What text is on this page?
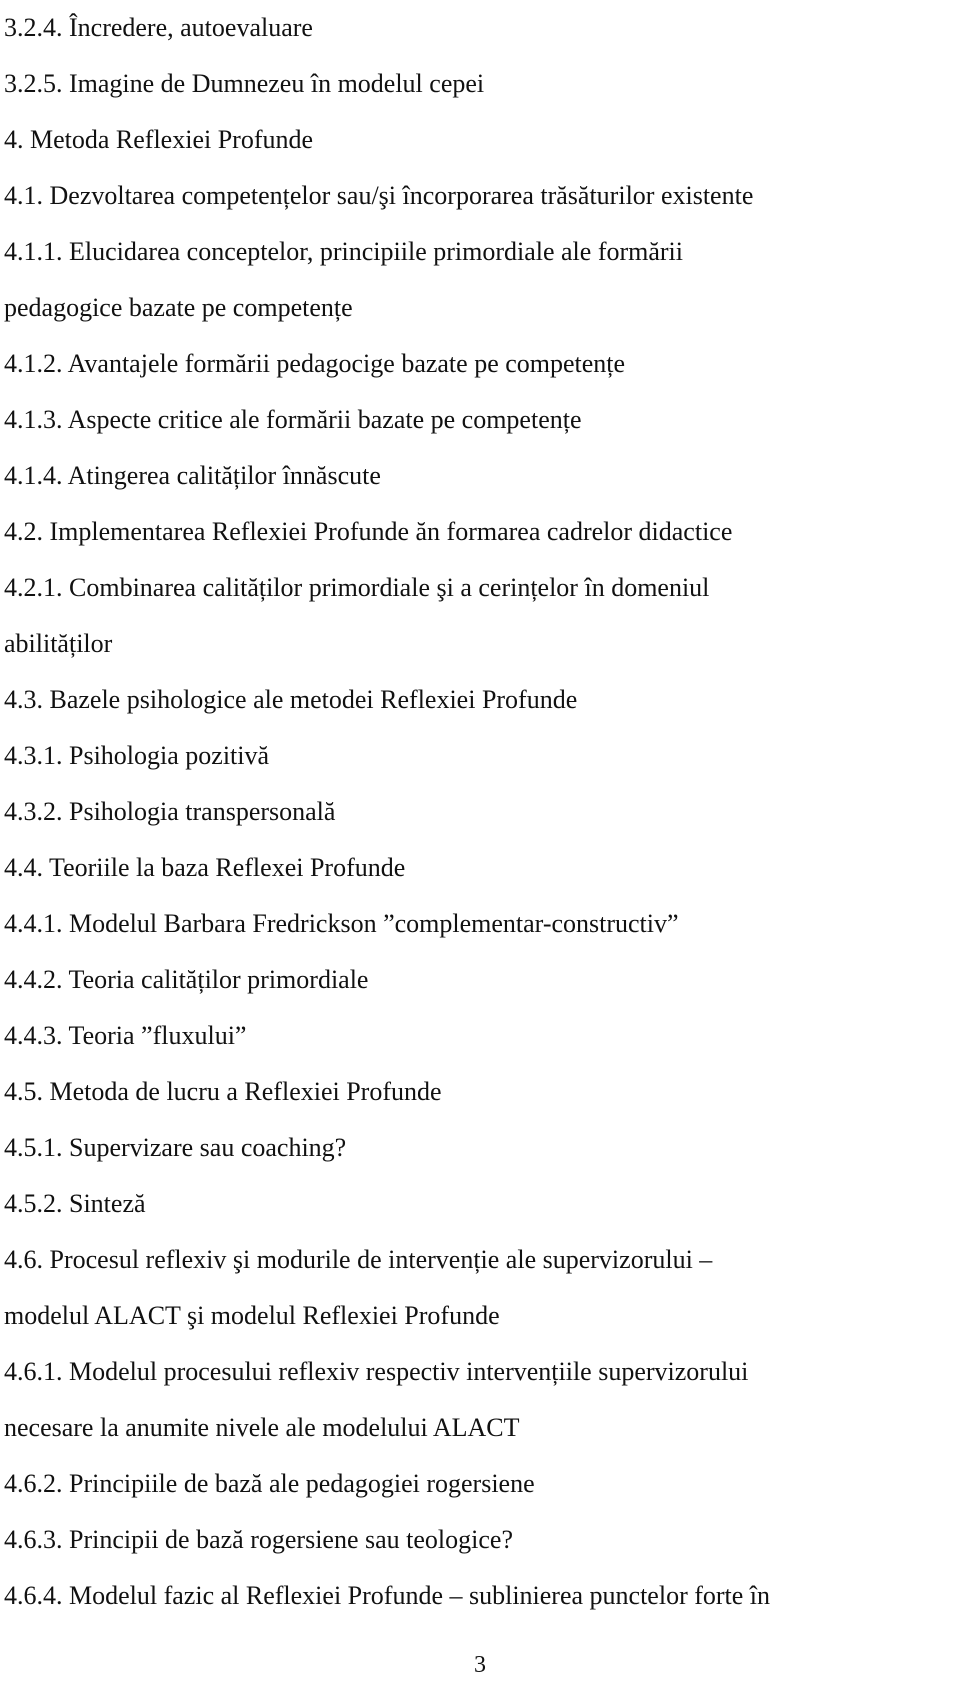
3.2.4. Încredere, autoevaluare
3.2.5. Imagine de Dumnezeu în modelul cepei
4. Metoda Reflexiei Profunde
4.1. Dezvoltarea competențelor sau/şi încorporarea trăsăturilor existente
4.1.1. Elucidarea conceptelor, principiile primordiale ale formării
pedagogice bazate pe competențe
4.1.2. Avantajele formării pedagocige bazate pe competențe
4.1.3. Aspecte critice ale formării bazate pe competențe
4.1.4. Atingerea calităților înnăscute
4.2. Implementarea Reflexiei Profunde ăn formarea cadrelor didactice
4.2.1. Combinarea calităților primordiale şi a cerințelor în domeniul
abilităților
4.3. Bazele psihologice ale metodei Reflexiei Profunde
4.3.1. Psihologia pozitivă
4.3.2. Psihologia transpersonală
4.4. Teoriile la baza Reflexei Profunde
4.4.1. Modelul Barbara Fredrickson ”complementar-constructiv”
4.4.2. Teoria calităților primordiale
4.4.3. Teoria ”fluxului”
4.5. Metoda de lucru a Reflexiei Profunde
4.5.1. Supervizare sau coaching?
4.5.2. Sinteză
4.6. Procesul reflexiv şi modurile de intervenție ale supervizorului –
modelul ALACT şi modelul Reflexiei Profunde
4.6.1. Modelul procesului reflexiv respectiv intervențiile supervizorului
necesare la anumite nivele ale modelului ALACT
4.6.2. Principiile de bază ale pedagogiei rogersiene
4.6.3. Principii de bază rogersiene sau teologice?
4.6.4. Modelul fazic al Reflexiei Profunde – sublinierea punctelor forte în
3
